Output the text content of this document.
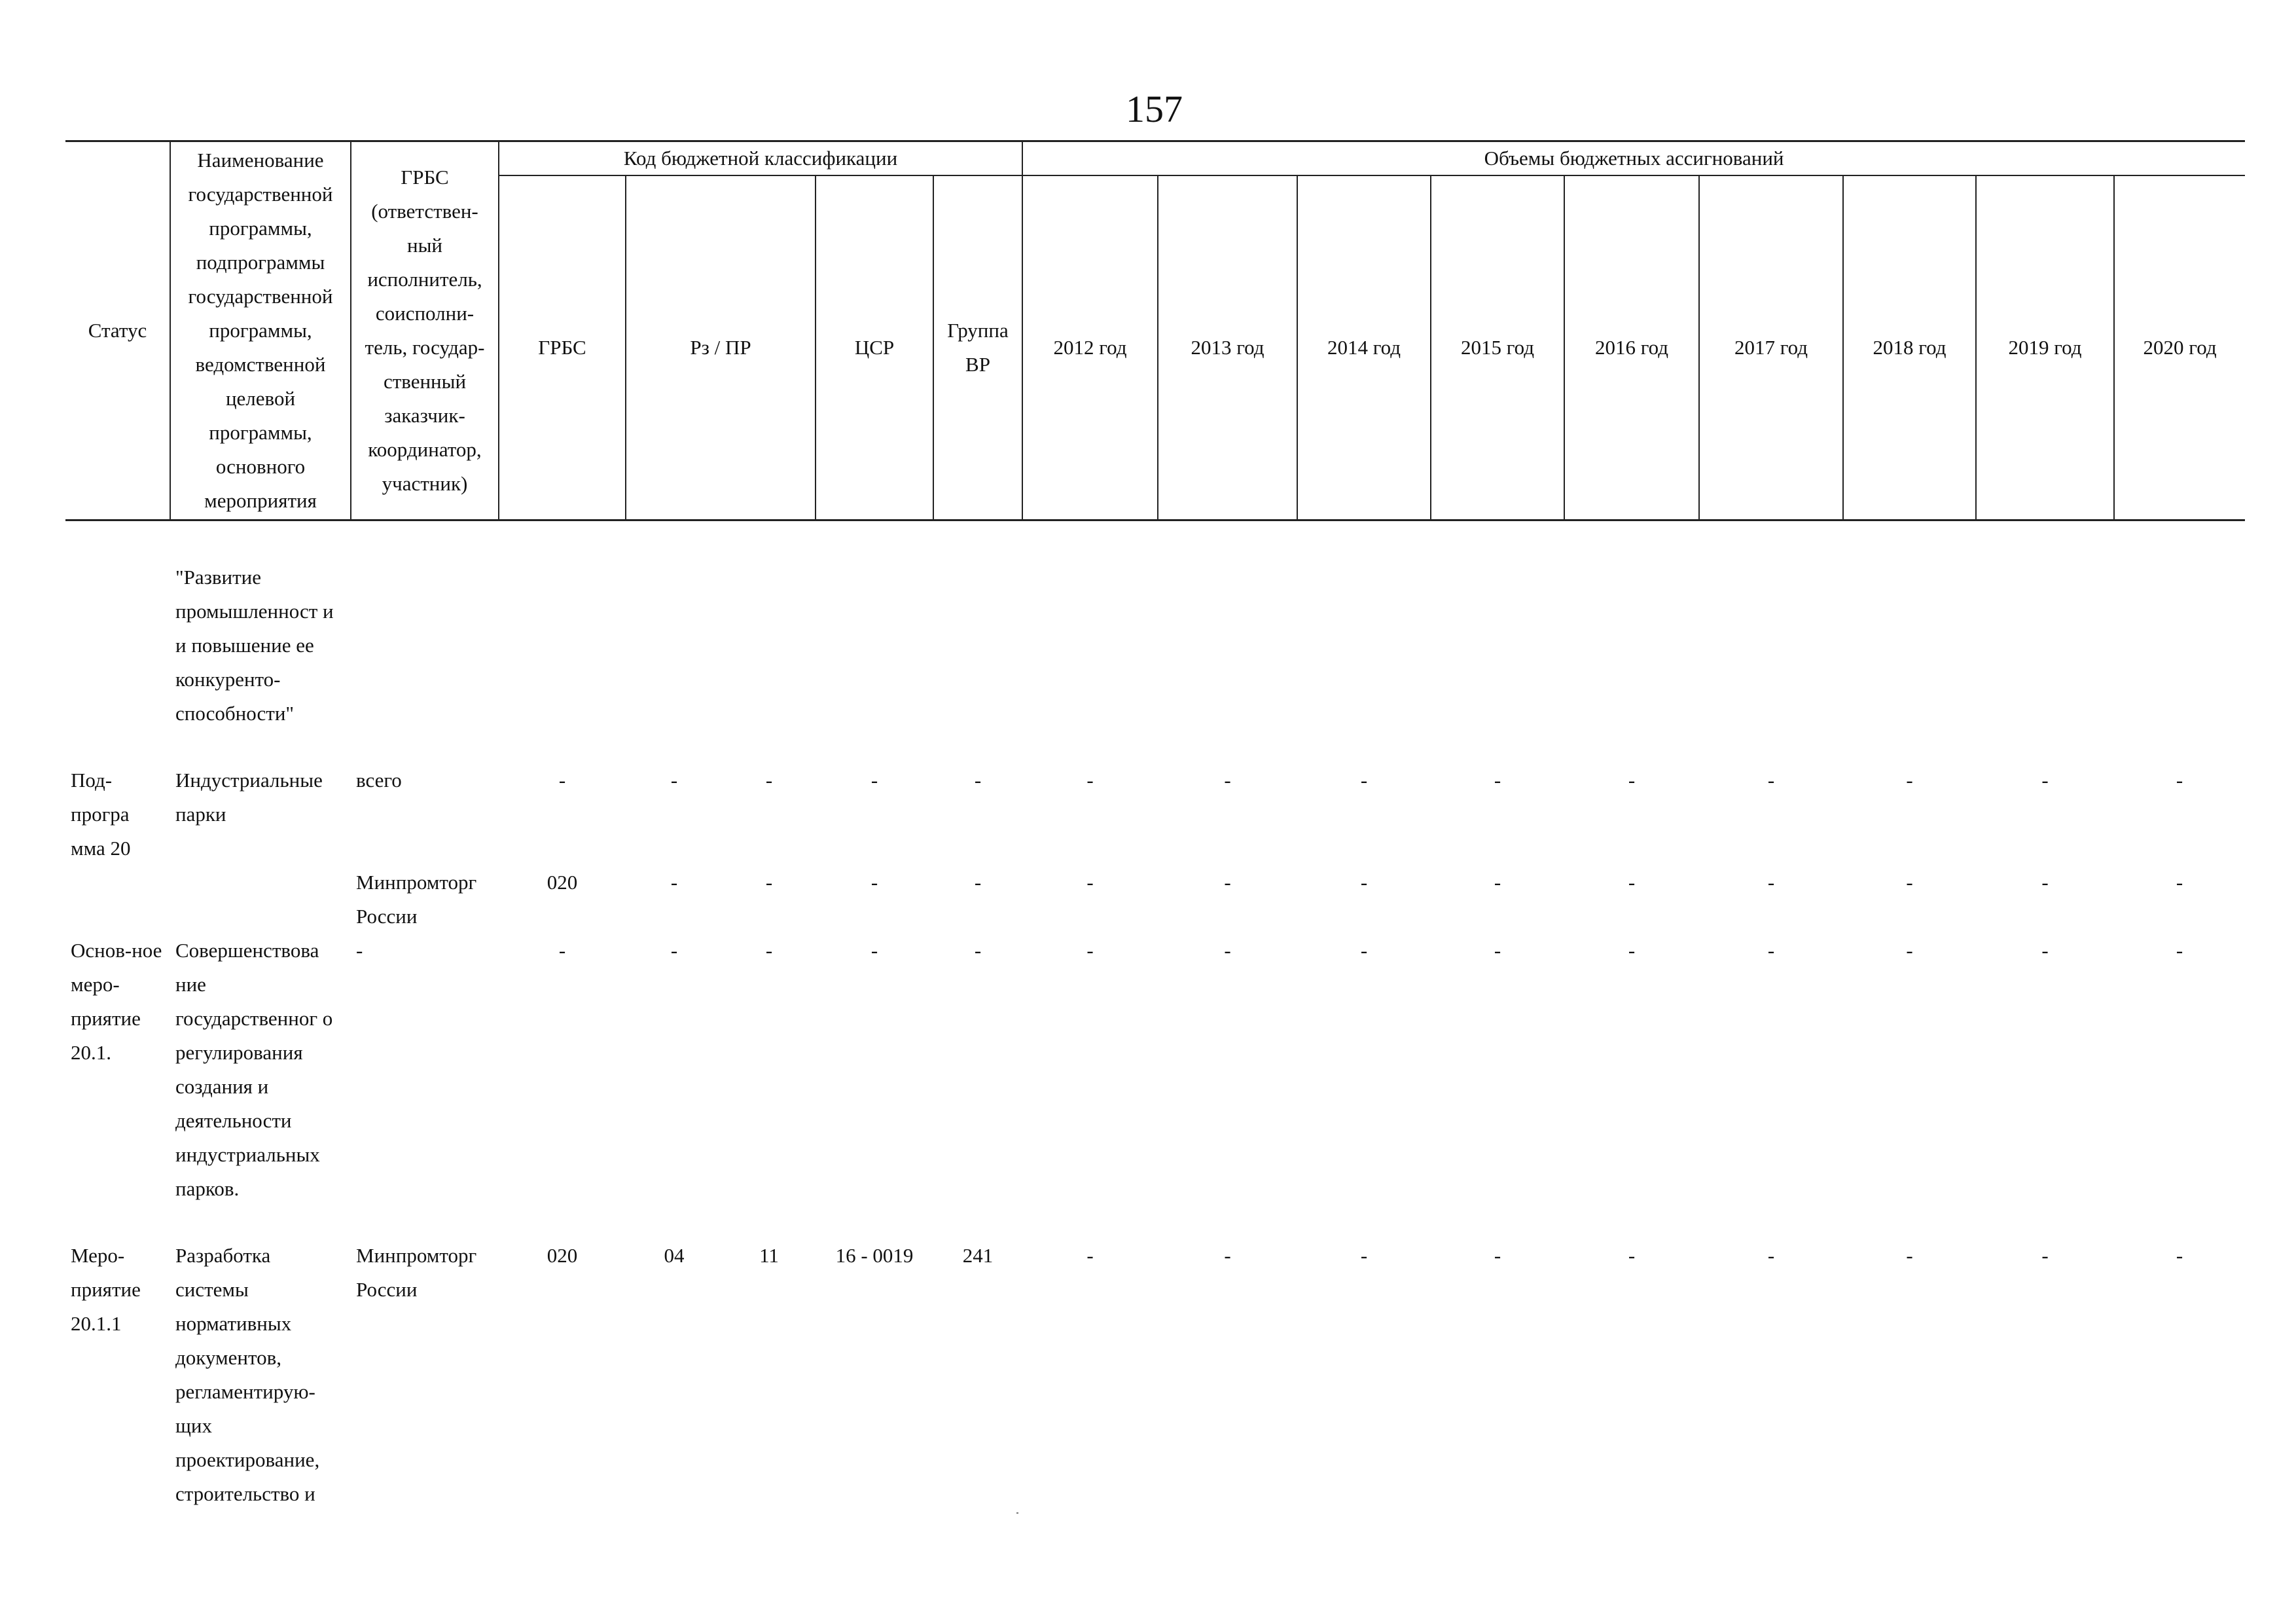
157
Статус	Наименование государственной программы, подпрограммы государственной программы, ведомственной целевой программы, основного мероприятия	ГРБС (ответствен-ный исполнитель, соисполни-тель, государ-ственный заказчик-координатор, участник)	Код бюджетной классификации					Объемы бюджетных ассигнований								
			ГРБС	Рз / ПР		ЦСР	Группа ВР	2012 год	2013 год	2014 год	2015 год	2016 год	2017 год	2018 год	2019 год	2020 год

	"Развитие промышленност и и повышение ее конкуренто-способности"															
Под-програ мма 20	Индустриальные парки	всего	-	-	-	-	-	-	-	-	-	-	-	-	-	-
		Минпромторг России	020	-	-	-	-	-	-	-	-	-	-	-	-	-
Основ-ное меро-приятие 20.1.	Совершенствова ние государственног о регулирования создания и деятельности индустриальных парков.	-	-	-	-	-	-	-	-	-	-	-	-	-	-	-
Меро-приятие 20.1.1	Разработка системы нормативных документов, регламентирую-щих проектирование, строительство и	Минпромторг России	020	04	11	16 - 0019	241	-	-	-	-	-	-	-	-	-
